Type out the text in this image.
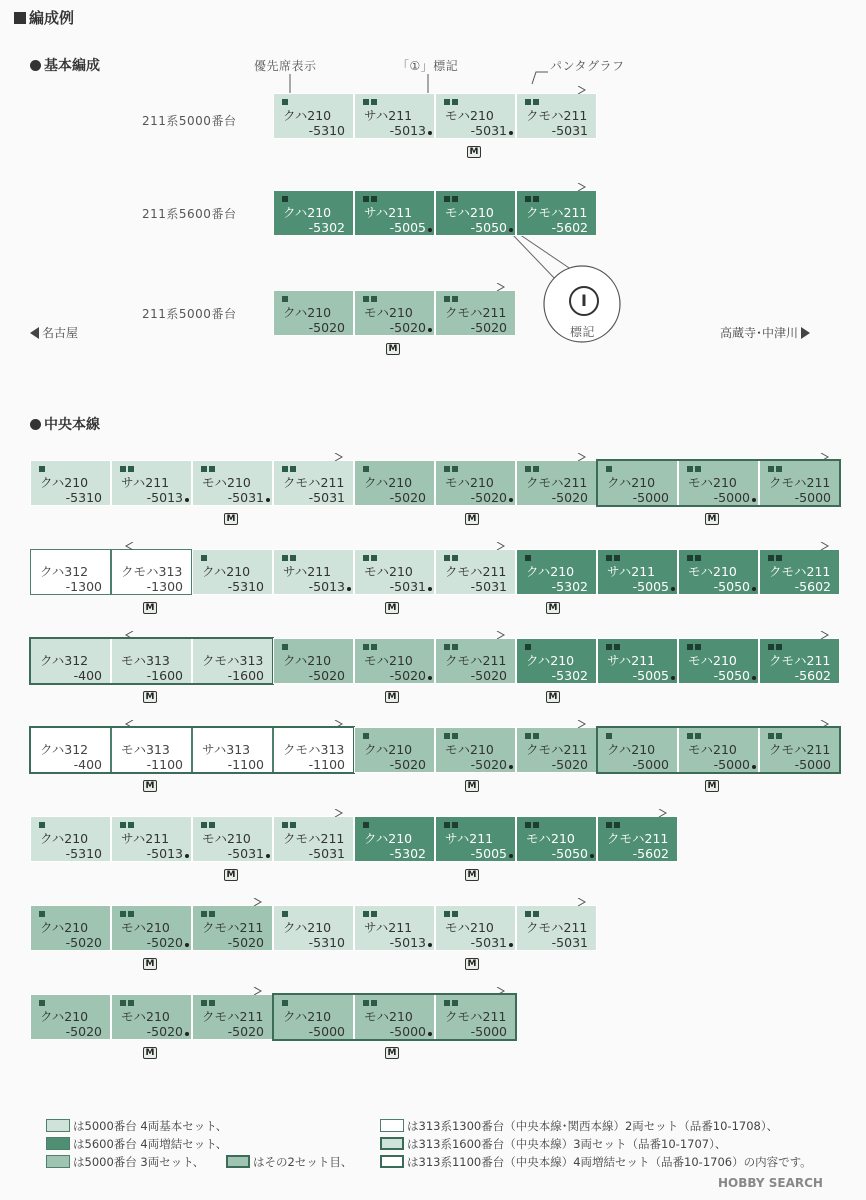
編成例
基本編成
中央本線
優先席表示	「①」標記	パンタグラフ
211系5000番台
211系5600番台
211系5000番台
名古屋	高蔵寺･中津川
Ⅰ
標記
クハ210
-5310
サハ211
-5013
モハ210
-5031
クモハ211
-5031
M
クハ210
-5302
サハ211
-5005
モハ210
-5050
クモハ211
-5602
クハ210
-5020
モハ210
-5020
クモハ211
-5020
M
クハ210
-5310
サハ211
-5013
モハ210
-5031
クモハ211
-5031
クハ210
-5020
モハ210
-5020
クモハ211
-5020
クハ210
-5000
モハ210
-5000
クモハ211
-5000
M	M	M
クハ312
-1300
クモハ313
-1300
クハ210
-5310
サハ211
-5013
モハ210
-5031
クモハ211
-5031
クハ210
-5302
サハ211
-5005
モハ210
-5050
クモハ211
-5602
M	M	M
クハ312
-400
モハ313
-1600
クモハ313
-1600
クハ210
-5020
モハ210
-5020
クモハ211
-5020
クハ210
-5302
サハ211
-5005
モハ210
-5050
クモハ211
-5602
M	M	M
クハ312
-400
モハ313
-1100
サハ313
-1100
クモハ313
-1100
クハ210
-5020
モハ210
-5020
クモハ211
-5020
クハ210
-5000
モハ210
-5000
クモハ211
-5000
M	M	M
クハ210
-5310
サハ211
-5013
モハ210
-5031
クモハ211
-5031
クハ210
-5302
サハ211
-5005
モハ210
-5050
クモハ211
-5602
M	M
クハ210
-5020
モハ210
-5020
クモハ211
-5020
クハ210
-5310
サハ211
-5013
モハ210
-5031
クモハ211
-5031
M	M
クハ210
-5020
モハ210
-5020
クモハ211
-5020
クハ210
-5000
モハ210
-5000
クモハ211
-5000
M	M
は5000番台 4両基本セット、
は5600番台 4両増結セット、
は5000番台 3両セット、	はその2セット目、
は313系1300番台（中央本線･関西本線）2両セット（品番10-1708）、
は313系1600番台（中央本線）3両セット（品番10-1707）、
は313系1100番台（中央本線）4両増結セット（品番10-1706）の内容です。
HOBBY SEARCH
